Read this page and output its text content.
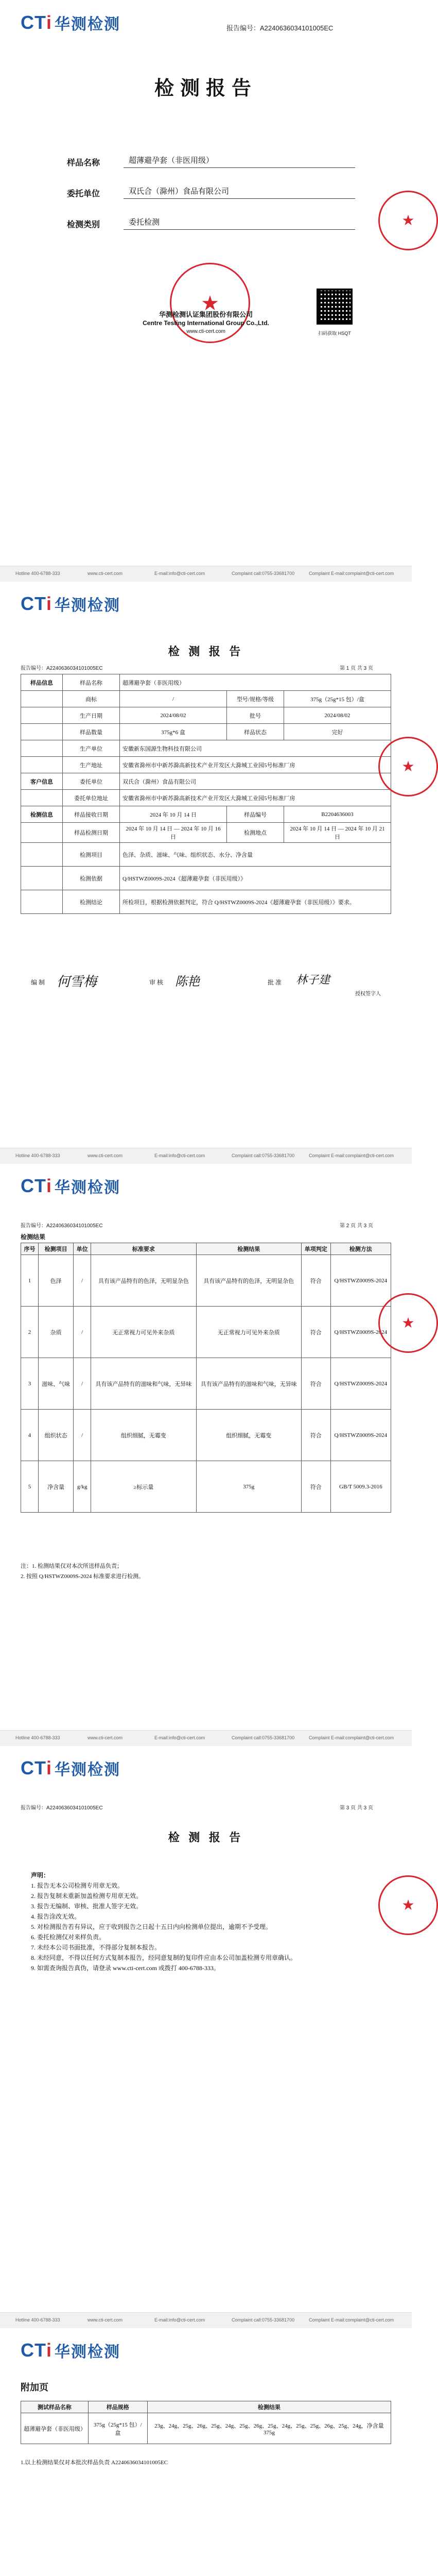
CT i 华测检测	报告编号：A2240636034101005EC
检测报告
样品名称	超薄避孕套（非医用级）
委托单位	双氏合（滁州）食品有限公司
检测类别	委托检测
★
华测检测认证集团股份有限公司
Centre Testing International Group Co.,Ltd.
www.cti-cert.com	扫码获取 HSQT
★
Hotline 400-6788-333	www.cti-cert.com	E-mail:info@cti-cert.com	Complaint call:0755-33681700	Complaint E-mail:complaint@cti-cert.com
CT i 华测检测
检 测 报 告
报告编号：A2240636034101005EC	第 1 页 共 3 页
样品信息	样品名称	超薄避孕套（非医用级）		
	商标	/	型号/规格/等级	375g（25g*15 包）/盒
	生产日期	2024/08/02	批号	2024/08/02
	样品数量	375g*6 盒	样品状态	完好
	生产单位	安徽新东国源生物科技有限公司		
	生产地址	安徽省滁州市中新苏滁高新技术产业开发区大滁城工业园5号标准厂房		
客户信息	委托单位	双氏合（滁州）食品有限公司		
	委托单位地址	安徽省滁州市中新苏滁高新技术产业开发区大滁城工业园5号标准厂房		
检测信息	样品接收日期	2024 年 10 月 14 日	样品编号	B2204636003
	样品检测日期	2024 年 10 月 14 日 — 2024 年 10 月 16 日	检测地点	2024 年 10 月 14 日 — 2024 年 10 月 21 日
	检测项目	色泽、杂质、滋味、气味、组织状态、水分、净含量		
	检测依据	Q/HSTWZ0009S-2024《超薄避孕套（非医用级）》		
	检测结论	所检项目，根据检测依据判定，符合 Q/HSTWZ0009S-2024《超薄避孕套（非医用级）》要求。		
编 制 何雪梅	审 核 陈艳	批 准 林子建
授权签字人
★
Hotline 400-6788-333	www.cti-cert.com	E-mail:info@cti-cert.com	Complaint call:0755-33681700	Complaint E-mail:complaint@cti-cert.com
CT i 华测检测
报告编号：A2240636034101005EC	第 2 页 共 3 页
检测结果
序号	检测项目	单位	标准要求	检测结果	单项判定	检测方法
1	色泽	/	具有该产品特有的色泽，无明显杂色	具有该产品特有的色泽，无明显杂色	符合	Q/HSTWZ0009S-2024
2	杂质	/	无正常视力可见外来杂质	无正常视力可见外来杂质	符合	Q/HSTWZ0009S-2024
3	滋味、气味	/	具有该产品特有的滋味和气味，无异味	具有该产品特有的滋味和气味，无异味	符合	Q/HSTWZ0009S-2024
4	组织状态	/	组织细腻，无霉变	组织细腻，无霉变	符合	Q/HSTWZ0009S-2024
5	净含量	g/kg	≥标示量	375g	符合	GB/T 5009.3-2016
注：1. 检测结果仅对本次所送样品负责；
2. 按照 Q/HSTWZ0009S-2024 标准要求进行检测。
★
Hotline 400-6788-333	www.cti-cert.com	E-mail:info@cti-cert.com	Complaint call:0755-33681700	Complaint E-mail:complaint@cti-cert.com
CT i 华测检测
报告编号：A2240636034101005EC	第 3 页 共 3 页
检 测 报 告
声明：
1. 报告无本公司检测专用章无效。
2. 报告复制未重新加盖检测专用章无效。
3. 报告无编制、审核、批准人签字无效。
4. 报告涂改无效。
5. 对检测报告若有异议，应于收到报告之日起十五日内向检测单位提出，逾期不予受理。
6. 委托检测仅对来样负责。
7. 未经本公司书面批准，不得部分复制本报告。
8. 未经同意，不得以任何方式复制本报告，经同意复制的复印件应由本公司加盖检测专用章确认。
9. 如需查询报告真伪，请登录 www.cti-cert.com 或拨打 400-6788-333。
★
Hotline 400-6788-333	www.cti-cert.com	E-mail:info@cti-cert.com	Complaint call:0755-33681700	Complaint E-mail:complaint@cti-cert.com
CT i 华测检测
附加页
测试样品名称	样品规格	检测结果
超薄避孕套（非医用级）	375g（25g*15 包）/盒	23g、24g、25g、26g、25g、24g、25g、26g、25g、24g、25g、25g、26g、25g、24g，净含量375g
1.以上检测结果仅对本批次样品负责 A2240636034101005EC
